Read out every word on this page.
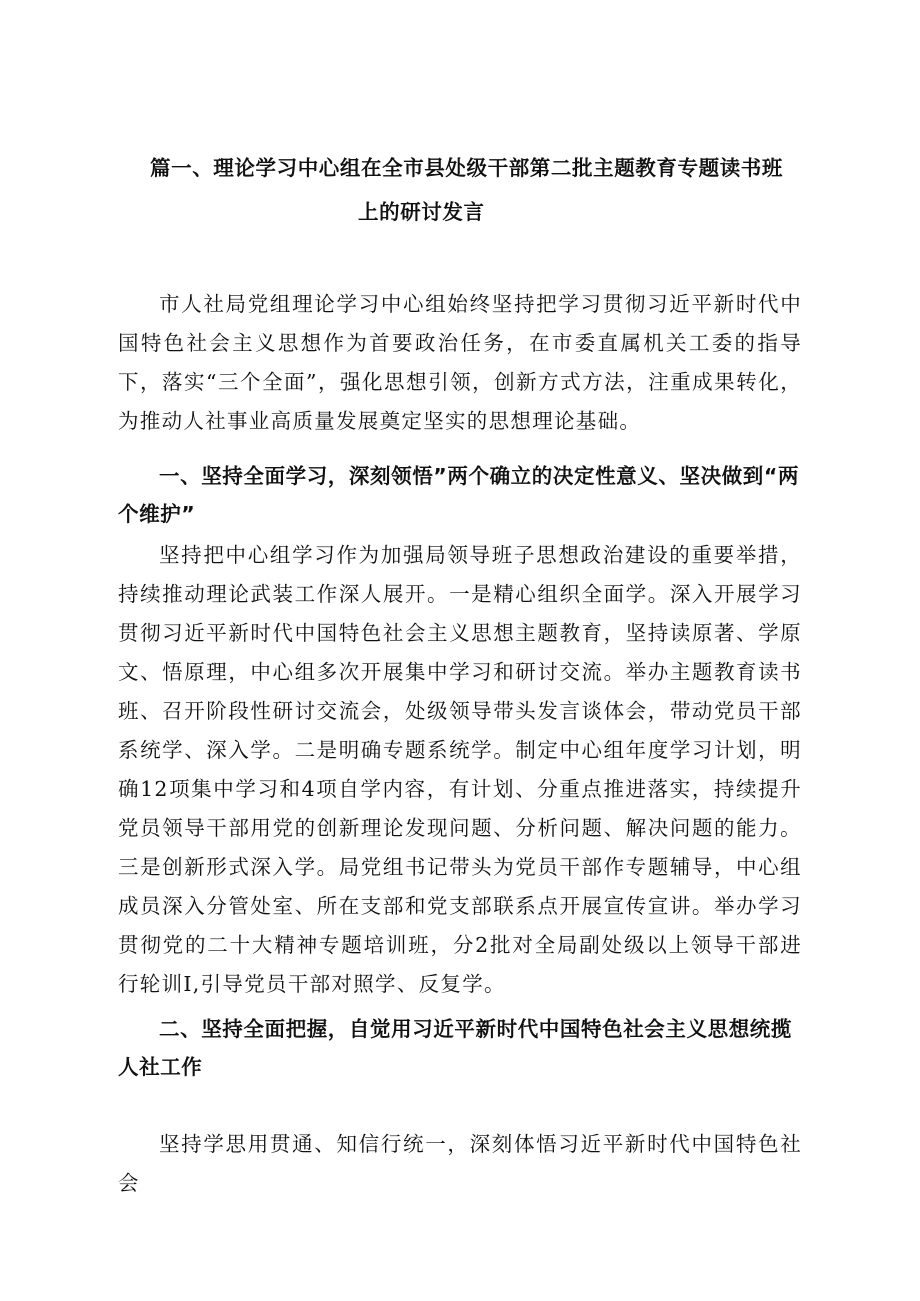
篇一、理论学习中心组在全市县处级干部第二批主题教育专题读书班
上的研讨发言

市人社局党组理论学习中心组始终坚持把学习贯彻习近平新时代中国特色社会主义思想作为首要政治任务，在市委直属机关工委的指导下，落实“三个全面”，强化思想引领，创新方式方法，注重成果转化，为推动人社事业高质量发展奠定坚实的思想理论基础。

一、坚持全面学习，深刻领悟”两个确立的决定性意义、坚决做到“两个维护”

坚持把中心组学习作为加强局领导班子思想政治建设的重要举措，持续推动理论武装工作深人展开。一是精心组织全面学。深入开展学习贯彻习近平新时代中国特色社会主义思想主题教育，坚持读原著、学原文、悟原理，中心组多次开展集中学习和研讨交流。举办主题教育读书班、召开阶段性研讨交流会，处级领导带头发言谈体会，带动党员干部系统学、深入学。二是明确专题系统学。制定中心组年度学习计划，明确12项集中学习和4项自学内容，有计划、分重点推进落实，持续提升党员领导干部用党的创新理论发现问题、分析问题、解决问题的能力。三是创新形式深入学。局党组书记带头为党员干部作专题辅导，中心组成员深入分管处室、所在支部和党支部联系点开展宣传宣讲。举办学习贯彻党的二十大精神专题培训班，分2批对全局副处级以上领导干部进行轮训I,引导党员干部对照学、反复学。

二、坚持全面把握，自觉用习近平新时代中国特色社会主义思想统揽人社工作

坚持学思用贯通、知信行统一，深刻体悟习近平新时代中国特色社会
